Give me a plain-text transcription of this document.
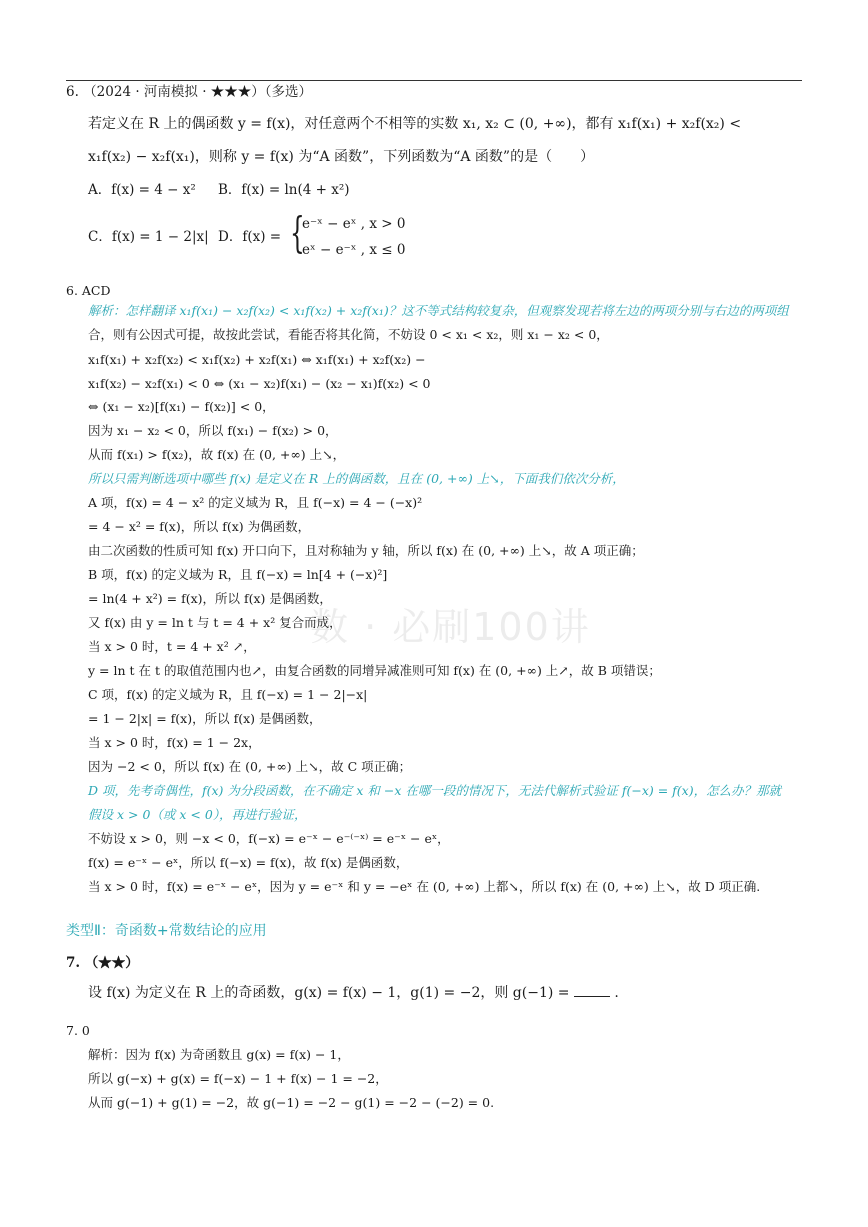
数 · 必刷100讲
6. （2024 · 河南模拟 · ★★★）（多选）
若定义在 R 上的偶函数 y = f(x)，对任意两个不相等的实数 x₁, x₂ ⊂ (0, +∞)，都有 x₁f(x₁) + x₂f(x₂) <
x₁f(x₂) − x₂f(x₁)，则称 y = f(x) 为“A 函数”，下列函数为“A 函数”的是（　　）
A．f(x) = 4 − x² B．f(x) = ln(4 + x²)
C．f(x) = 1 − 2|x| D．f(x) = {
e⁻ˣ − eˣ , x > 0
eˣ − e⁻ˣ , x ≤ 0
6. ACD
解析：怎样翻译 x₁f(x₁) − x₂f(x₂) < x₁f(x₂) + x₂f(x₁)？这不等式结构较复杂，但观察发现若将左边的两项分别与右边的两项组
合，则有公因式可提，故按此尝试，看能否将其化简，不妨设 0 < x₁ < x₂，则 x₁ − x₂ < 0，
x₁f(x₁) + x₂f(x₂) < x₁f(x₂) + x₂f(x₁) ⇔ x₁f(x₁) + x₂f(x₂) −
x₁f(x₂) − x₂f(x₁) < 0 ⇔ (x₁ − x₂)f(x₁) − (x₂ − x₁)f(x₂) < 0
⇔ (x₁ − x₂)[f(x₁) − f(x₂)] < 0，
因为 x₁ − x₂ < 0，所以 f(x₁) − f(x₂) > 0，
从而 f(x₁) > f(x₂)，故 f(x) 在 (0, +∞) 上↘，
所以只需判断选项中哪些 f(x) 是定义在 R 上的偶函数，且在 (0, +∞) 上↘，下面我们依次分析，
A 项，f(x) = 4 − x² 的定义域为 R，且 f(−x) = 4 − (−x)²
= 4 − x² = f(x)，所以 f(x) 为偶函数，
由二次函数的性质可知 f(x) 开口向下，且对称轴为 y 轴，所以 f(x) 在 (0, +∞) 上↘，故 A 项正确；
B 项，f(x) 的定义域为 R，且 f(−x) = ln[4 + (−x)²]
= ln(4 + x²) = f(x)，所以 f(x) 是偶函数，
又 f(x) 由 y = ln t 与 t = 4 + x² 复合而成，
当 x > 0 时，t = 4 + x² ↗，
y = ln t 在 t 的取值范围内也↗，由复合函数的同增异减准则可知 f(x) 在 (0, +∞) 上↗，故 B 项错误；
C 项，f(x) 的定义域为 R，且 f(−x) = 1 − 2|−x|
= 1 − 2|x| = f(x)，所以 f(x) 是偶函数，
当 x > 0 时，f(x) = 1 − 2x，
因为 −2 < 0，所以 f(x) 在 (0, +∞) 上↘，故 C 项正确；
D 项，先考奇偶性，f(x) 为分段函数，在不确定 x 和 −x 在哪一段的情况下，无法代解析式验证 f(−x) = f(x)，怎么办？那就
假设 x > 0（或 x < 0），再进行验证，
不妨设 x > 0，则 −x < 0，f(−x) = e⁻ˣ − e⁻⁽⁻ˣ⁾ = e⁻ˣ − eˣ，
f(x) = e⁻ˣ − eˣ，所以 f(−x) = f(x)，故 f(x) 是偶函数，
当 x > 0 时，f(x) = e⁻ˣ − eˣ，因为 y = e⁻ˣ 和 y = −eˣ 在 (0, +∞) 上都↘，所以 f(x) 在 (0, +∞) 上↘，故 D 项正确.
类型Ⅱ：奇函数+常数结论的应用
7. （★★）
设 f(x) 为定义在 R 上的奇函数，g(x) = f(x) − 1，g(1) = −2，则 g(−1) =	.
7. 0
解析：因为 f(x) 为奇函数且 g(x) = f(x) − 1，
所以 g(−x) + g(x) = f(−x) − 1 + f(x) − 1 = −2，
从而 g(−1) + g(1) = −2，故 g(−1) = −2 − g(1) = −2 − (−2) = 0.
